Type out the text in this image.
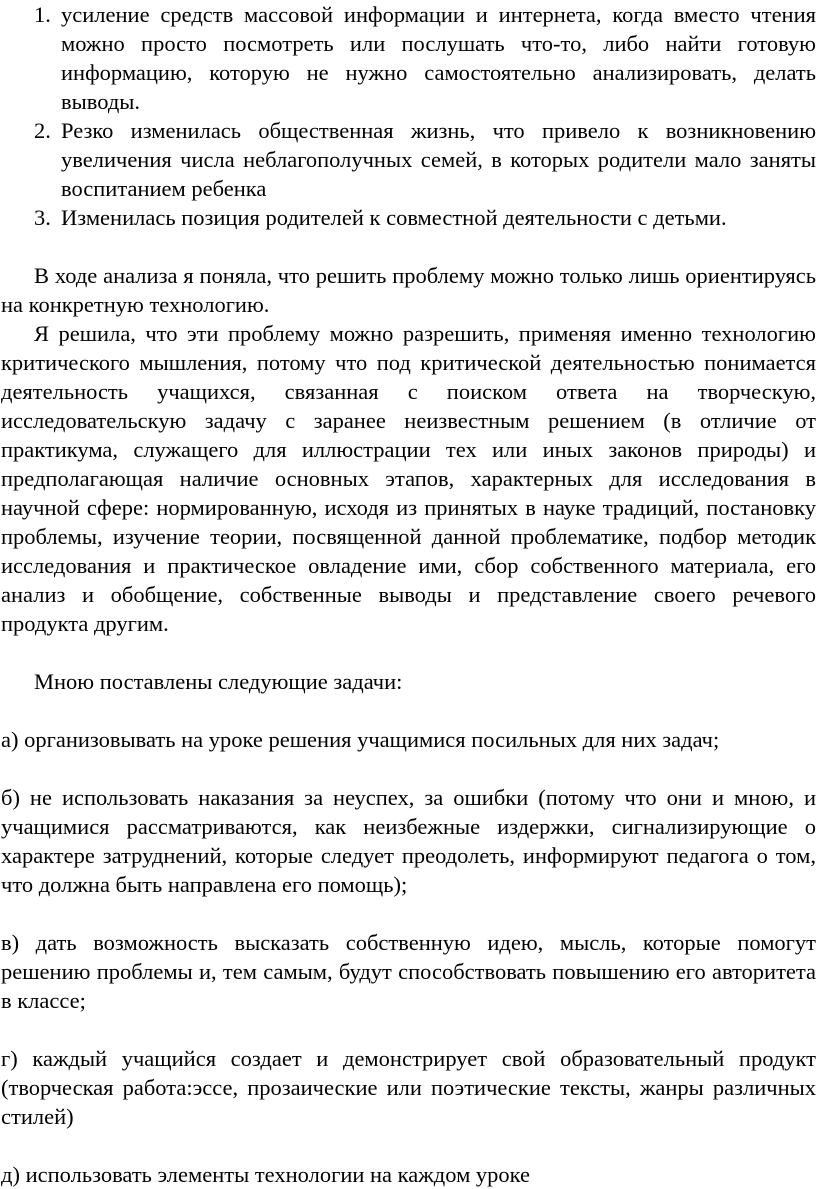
1. усиление средств массовой информации и интернета, когда вместо чтения можно просто посмотреть или послушать что-то, либо найти готовую информацию, которую не нужно самостоятельно анализировать, делать выводы.
2. Резко изменилась общественная жизнь, что привело к возникновению увеличения числа неблагополучных семей, в которых родители мало заняты воспитанием ребенка
3. Изменилась позиция родителей к совместной деятельности с детьми.

В ходе анализа я поняла, что решить проблему можно только лишь ориентируясь на конкретную технологию.

Я решила, что эти проблему можно разрешить, применяя именно технологию критического мышления, потому что под критической деятельностью понимается деятельность учащихся, связанная с поиском ответа на творческую, исследовательскую задачу с заранее неизвестным решением (в отличие от практикума, служащего для иллюстрации тех или иных законов природы) и предполагающая наличие основных этапов, характерных для исследования в научной сфере: нормированную, исходя из принятых в науке традиций, постановку проблемы, изучение теории, посвященной данной проблематике, подбор методик исследования и практическое овладение ими, сбор собственного материала, его анализ и обобщение, собственные выводы и представление своего речевого продукта другим.

Мною поставлены следующие задачи:

а) организовывать на уроке решения учащимися посильных для них задач;

б) не использовать наказания за неуспех, за ошибки (потому что они и мною, и учащимися рассматриваются, как неизбежные издержки, сигнализирующие о характере затруднений, которые следует преодолеть, информируют педагога о том, что должна быть направлена его помощь);

в) дать возможность высказать собственную идею, мысль, которые помогут решению проблемы и, тем самым, будут способствовать повышению его авторитета в классе;

г) каждый учащийся создает и демонстрирует свой образовательный продукт (творческая работа:эссе, прозаические или поэтические тексты, жанры различных стилей)

д) использовать элементы технологии на каждом уроке
